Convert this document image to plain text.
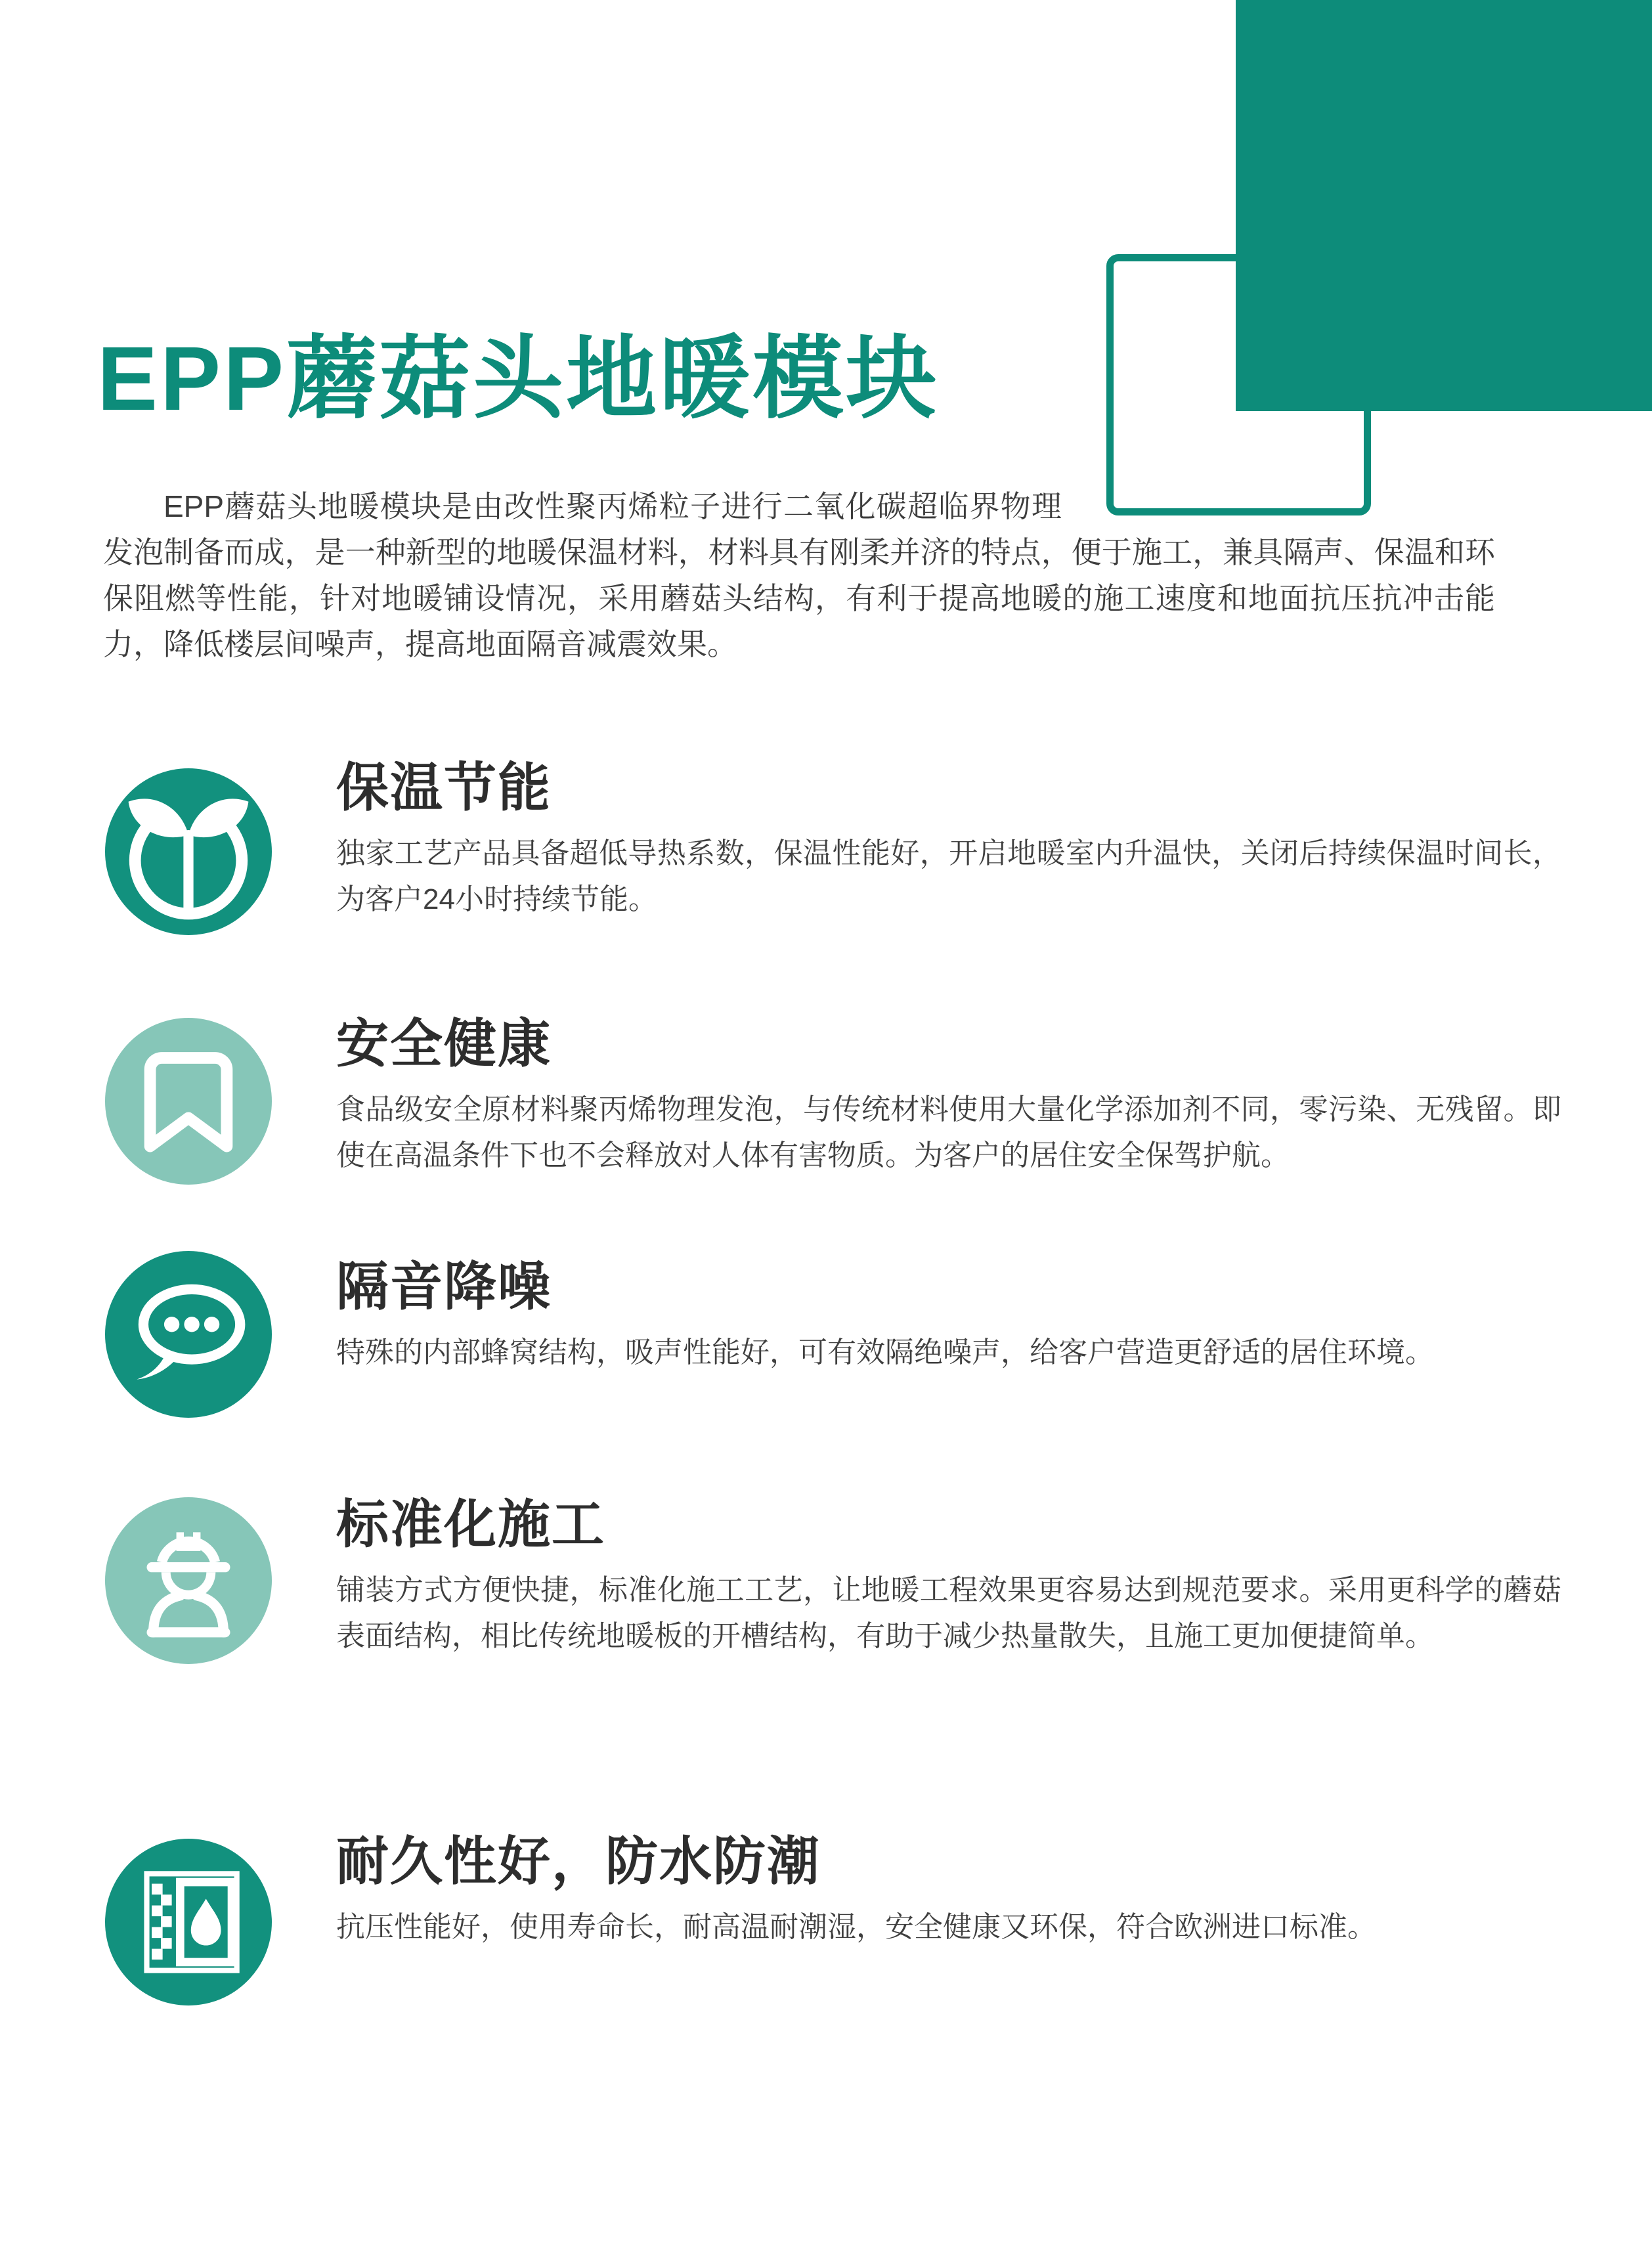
EPP蘑菇头地暖模块

EPP蘑菇头地暖模块是由改性聚丙烯粒子进行二氧化碳超临界物理发泡制备而成，是一种新型的地暖保温材料，材料具有刚柔并济的特点，便于施工，兼具隔声、保温和环保阻燃等性能，针对地暖铺设情况，采用蘑菇头结构，有利于提高地暖的施工速度和地面抗压抗冲击能力，降低楼层间噪声，提高地面隔音减震效果。

保温节能

独家工艺产品具备超低导热系数，保温性能好，开启地暖室内升温快，关闭后持续保温时间长，为客户24小时持续节能。

安全健康

食品级安全原材料聚丙烯物理发泡，与传统材料使用大量化学添加剂不同，零污染、无残留。即使在高温条件下也不会释放对人体有害物质。为客户的居住安全保驾护航。

隔音降噪

特殊的内部蜂窝结构，吸声性能好，可有效隔绝噪声，给客户营造更舒适的居住环境。

标准化施工

铺装方式方便快捷，标准化施工工艺，让地暖工程效果更容易达到规范要求。采用更科学的蘑菇表面结构，相比传统地暖板的开槽结构，有助于减少热量散失，且施工更加便捷简单。

耐久性好，防水防潮

抗压性能好，使用寿命长，耐高温耐潮湿，安全健康又环保，符合欧洲进口标准。
